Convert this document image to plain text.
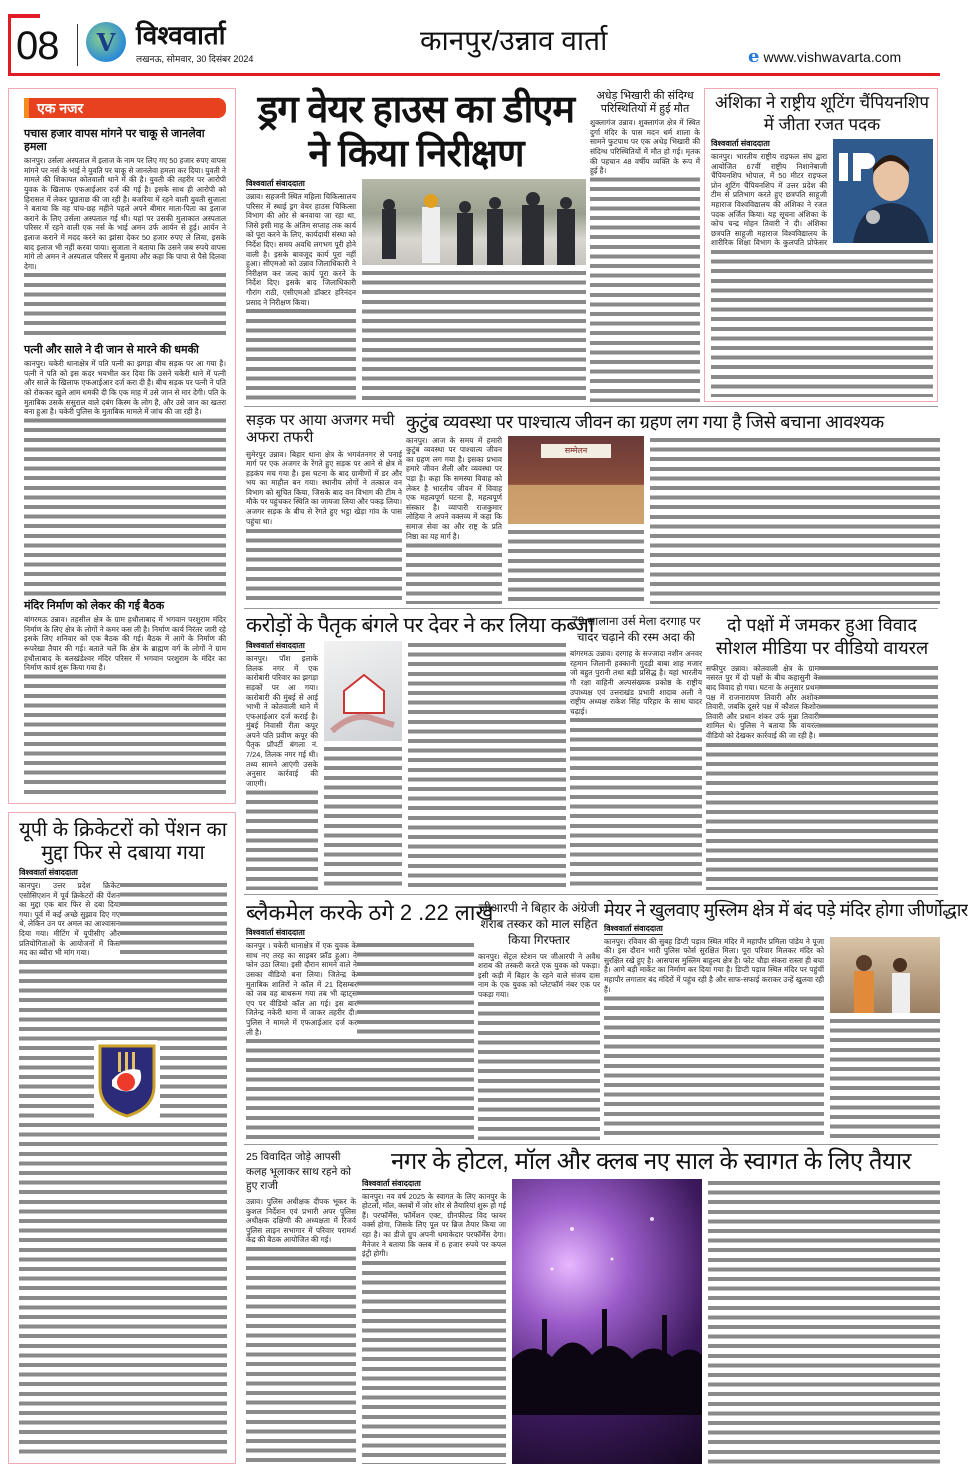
08 V विश्ववार्ता
लखनऊ, सोमवार, 30 दिसंबर 2024
कानपुर/उन्नाव वार्ता
e www.vishwavarta.com
एक नजर
पचास हजार वापस मांगने पर चाकू से जानलेवा हमला

कानपुर। उर्सला अस्पताल में इलाज के नाम पर लिए गए 50 हजार रुपए वापस मांगने पर नर्स के भाई ने युवति पर चाकू से जानलेवा हमला कर दिया। युवती ने मामले की शिकायत कोतवाली थाने में की है। युवती की तहरीर पर आरोपी युवक के खिलाफ एफआईआर दर्ज की गई है। इसके साथ ही आरोपी को हिरासत में लेकर पूछताछ की जा रही है। बजरिया में रहने वाली युवती सुजाता ने बताया कि वह पांच-छह महीने पहले अपने बीमार माता-पिता का इलाज कराने के लिए उर्सला अस्पताल गई थी। यहां पर उसकी मुलाकात अस्पताल परिसर में रहने वाली एक नर्स के भाई अमन उर्फ आर्यन से हुई। आर्यन ने इलाज कराने में मदद करने का झांसा देकर 50 हजार रुपए ले लिया, इसके बाद इलाज भी नहीं करवा पाया। सुजाता ने बताया कि उसने जब रुपये वापस मांगे तो अमन ने अस्पताल परिसर में बुलाया और कहा कि पापा से पैसे दिलवा देगा।

पत्नी और साले ने दी जान से मारने की धमकी

कानपुर। चकेरी थानाक्षेत्र में पति पत्नी का झगड़ा बीच सड़क पर आ गया है। पत्नी ने पति को इस कदर भयभीत कर दिया कि उसने चकेरी थाने में पत्नी और साले के खिलाफ एफआईआर दर्ज करा दी है। बीच सड़क पर पत्नी ने पति को रोककर खुले आम धमकी दी कि एक माह में उसे जान से मार देगी। पति के मुताबिक उसके ससुराल वाले दबंग किस्म के लोग है, और उसे जान का खतरा बना हुआ है। चकेरी पुलिस के मुताबिक मामले में जांच की जा रही है।

मंदिर निर्माण को लेकर की गई बैठक

बांगरमऊ उन्नाव। तहसील क्षेत्र के ग्राम हथौलाबाद में भगवान परशुराम मंदिर निर्माण के लिए क्षेत्र के लोगों ने कमर कस ली है। निर्माण कार्य निरंतर जारी रहे इसके लिए शनिवार को एक बैठक की गई। बैठक में आगे के निर्माण की रूपरेखा तैयार की गई। बताते चलें कि क्षेत्र के ब्राह्मण वर्ग के लोगों ने ग्राम हथौलाबाद के बलखंडेश्वर मंदिर परिसर में भगवान परशुराम के मंदिर का निर्माण कार्य शुरू किया गया है।

यूपी के क्रिकेटरों को पेंशन का मुद्दा फिर से दबाया गया
विश्ववार्ता संवाददाता

कानपुर। उत्तर प्रदेश क्रिकेट एसोसिएशन में पूर्व क्रिकेटरों की पेंशन का मुद्दा एक बार फिर से दबा दिया गया। पूर्व में कई अच्छे सुझाव दिए गए थे, लेकिन उन पर अमल का आश्वासन दिया गया। मीटिंग में यूपीसीए और प्रतियोगिताओं के आयोजनों में किस मद का ब्यौरा भी मांग गया।

ड्रग वेयर हाउस का डीएम ने किया निरीक्षण
विश्ववार्ता संवाददाता

उन्नाव। सहजनी स्थित महिला चिकित्सालय परिसर में स्थाई ड्रग वेयर हाउस चिकित्सा विभाग की ओर से बनवाया जा रहा था, जिसे इसी माह के अंतिम सप्ताह तक कार्य को पूरा करने के लिए, कार्यदायी संस्था को निर्देश दिए। समय अवधि लगभग पूरी होने वाली है। इसके बावजूद कार्य पूरा नहीं हुआ। सीएमओ को उन्नाव जिलाधिकारी ने निरीक्षण कर जल्द कार्य पूरा करने के निर्देश दिए। इसके बाद जिलाधिकारी गौरांग राठी, एसीएमओ डॉक्टर हरिनंदन प्रसाद ने निरीक्षण किया।

अधेड़ भिखारी की संदिग्ध परिस्थितियों में हुई मौत

शुक्लागंज उन्नाव। शुक्लागंज क्षेत्र में स्थित दुर्गा मंदिर के पास मदन धर्म शाला के सामने फुटपाथ पर एक अधेड़ भिखारी की संदिग्ध परिस्थितियों में मौत हो गई। मृतक की पहचान 48 वर्षीय व्यक्ति के रूप में हुई है।

अंशिका ने राष्ट्रीय शूटिंग चैंपियनशिप में जीता रजत पदक
विश्ववार्ता संवाददाता

कानपुर। भारतीय राष्ट्रीय राइफल संघ द्वारा आयोजित 67वीं राष्ट्रीय निशानेबाजी चैंपियनशिप भोपाल, में 50 मीटर राइफल प्रोन शूटिंग चैंपियनशिप में उत्तर प्रदेश की टीम से प्रतिभाग करते हुए छत्रपति साहूजी महाराज विश्वविद्यालय की अंशिका ने रजत पदक अर्जित किया। यह सूचना अंशिका के कोच चन्द्र मोहन तिवारी ने दी। अंशिका छत्रपति साहूजी महाराज विश्वविद्यालय के शारीरिक शिक्षा विभाग के कुलपति प्रोफेसर

सड़क पर आया अजगर मची अफरा तफरी

सुमेरपुर उन्नाव। बिहार थाना क्षेत्र के भगवंतनगर से पनाई मार्ग पर एक अजगर के रेंगते हुए सड़क पर आने से क्षेत्र में हड़कंप मच गया है। इस घटना के बाद ग्रामीणों में डर और भय का माहौल बन गया। स्थानीय लोगों ने तत्काल वन विभाग को सूचित किया, जिसके बाद वन विभाग की टीम ने मौके पर पहुंचकर स्थिति का जायजा लिया और पकड़ लिया। अजगर सड़क के बीच से रेंगते हुए भट्ठा खेड़ा गांव के पास पहुंचा था।

कुटुंब व्यवस्था पर पाश्चात्य जीवन का ग्रहण लग गया है जिसे बचाना आवश्यक

कानपुर। आज के समय में हमारी कुटुंब व्यवस्था पर पाश्चात्य जीवन का ग्रहण लग गया है। इसका प्रभाव हमारे जीवन शैली और व्यवस्था पर पड़ा है। कहा कि समस्या विवाह को लेकर है भारतीय जीवन में विवाह एक महत्वपूर्ण घटना है, महत्वपूर्ण संस्कार है। व्यापारी राजकुमार लोहिया ने अपने वक्तव्य में कहा कि समाज सेवा का और राष्ट्र के प्रति निष्ठा का यह मार्ग है।

सम्मेलन
करोड़ों के पैतृक बंगले पर देवर ने कर लिया कब्जा
विश्ववार्ता संवाददाता

कानपुर। पॉश इलाके तिलक नगर में एक कारोबारी परिवार का झगड़ा सड़कों पर आ गया। कारोबारी की मुंबई से आई भाभी ने कोतवाली थाने में एफआईआर दर्ज कराई है। मुंबई निवासी रीता कपूर अपने पति प्रवीण कपूर की पैतृक प्रॉपर्टी बंगला नं. 7/24, तिलक नगर गई थी। तथ्य सामने आएंगी उसके अनुसार कार्रवाई की जाएगी।

79 सालाना उर्स मेला दरगाह पर चादर चढ़ाने की रस्म अदा की

बांगरमऊ उन्नाव। दरगाह के सज्जादा नशीन अनवर रहमान जिलानी हक्कानी गुदड़ी बाबा शाह मजार जो बहुत पुरानी तथा बड़ी प्रसिद्ध है। यहां भारतीय गौ रक्षा वाहिनी अल्पसंख्यक प्रकोष्ठ के राष्ट्रीय उपाध्यक्ष एवं उत्तराखंड प्रभारी शादाब अली ने राष्ट्रीय अध्यक्ष राकेश सिंह परिहार के साथ चादर चढ़ाई।

दो पक्षों में जमकर हुआ विवाद सोशल मीडिया पर वीडियो वायरल

सफीपुर उन्नाव। कोतवाली क्षेत्र के ग्राम नसरत पुर में दो पक्षों के बीच कहासुनी के बाद विवाद हो गया। घटना के अनुसार प्रथम पक्ष में राजनारायण तिवारी और अशोक तिवारी, जबकि दूसरे पक्ष में कौशल किशोर तिवारी और प्रधान शंकर उर्फ मुन्ना तिवारी शामिल थे। पुलिस ने बताया कि वायरल वीडियो को देखकर कार्रवाई की जा रही है।

ब्लैकमेल करके ठगे 2 .22 लाख
विश्ववार्ता संवाददाता

कानपुर । चकेरी थानाक्षेत्र में एक युवक के साथ नए तरह का साइबर फ्रॉड हुआ। ने फोन उठा लिया। इसी दौरान सामने वाले ने उसका वीडियो बना लिया। जितेन्द्र के मुताबिक शातिरों ने कॉल में 21 दिसम्बर को जब वह बाथरूम गया तब भी व्हाट्स एप पर वीडियो कॉल आ गई। इस बार जितेन्द्र नकेरी थाना में जाकर तहरीर दी। पुलिस ने मामले में एफआईआर दर्ज कर ली है।

जीआरपी ने बिहार के अंग्रेजी शराब तस्कर को माल सहित किया गिरफ्तार

कानपुर। सेंट्रल स्टेशन पर जीआरपी ने अवैध शराब की तस्करी करते एक युवक को पकड़ा। इसी कड़ी में बिहार के रहने वाले संजय दास नाम के एक युवक को प्लेटफॉर्म नंबर एक पर पकड़ा गया।

मेयर ने खुलवाए मुस्लिम क्षेत्र में बंद पड़े मंदिर होगा जीर्णोद्धार
विश्ववार्ता संवाददाता

कानपुर। रविवार की सुबह डिप्टी पड़ाव स्थित मंदिर में महापौर प्रमिला पांडेय ने पूजा की। इस दौरान भारी पुलिस फोर्स सुरक्षित मिला। पूरा परिवार मिलकर मंदिर को सुरक्षित रखे हुए है। आसपास मुस्लिम बाहुल्य क्षेत्र है। फोट चौड़ा संकरा रास्ता ही बचा है। आगे बड़ी मार्केट का निर्माण कर दिया गया है। डिप्टी पड़ाव स्थित मंदिर पर पहुंचीं महापौर लगातार बंद मंदिरों में पहुंच रही है और साफ-सफाई कराकर उन्हें खुलवा रही हैं।

25 विवादित जोड़े आपसी कलह भूलाकर साथ रहने को हुए राजी

उन्नाव। पुलिस अधीक्षक दीपक भूकर के कुशल निर्देशन एवं प्रभारी अपर पुलिस अधीक्षक दक्षिणी की अध्यक्षता में रिजर्व पुलिस लाइन सभागार में परिवार परामर्श केंद्र की बैठक आयोजित की गई।

नगर के होटल, मॉल और क्लब नए साल के स्वागत के लिए तैयार
विश्ववार्ता संवाददाता

कानपुर। नव वर्ष 2025 के स्वागत के लिए कानपुर के होटलों, मॉल, क्लबों में जोर शोर से तैयारियां शुरू हो गई हैं। परफॉर्मेंस, फॉर्मेशन एक्ट, ग्रीनफील्ड विद फायर वर्क्स होगा, जिसके लिए पूल पर ब्रिज तैयार किया जा रहा है। का डीजे ग्रुप अपनी धमाकेदार परफॉर्मेंस देगा। मैनेजर ने बताया कि क्लब में 6 हजार रुपये पर कपल इंट्री होगी।
